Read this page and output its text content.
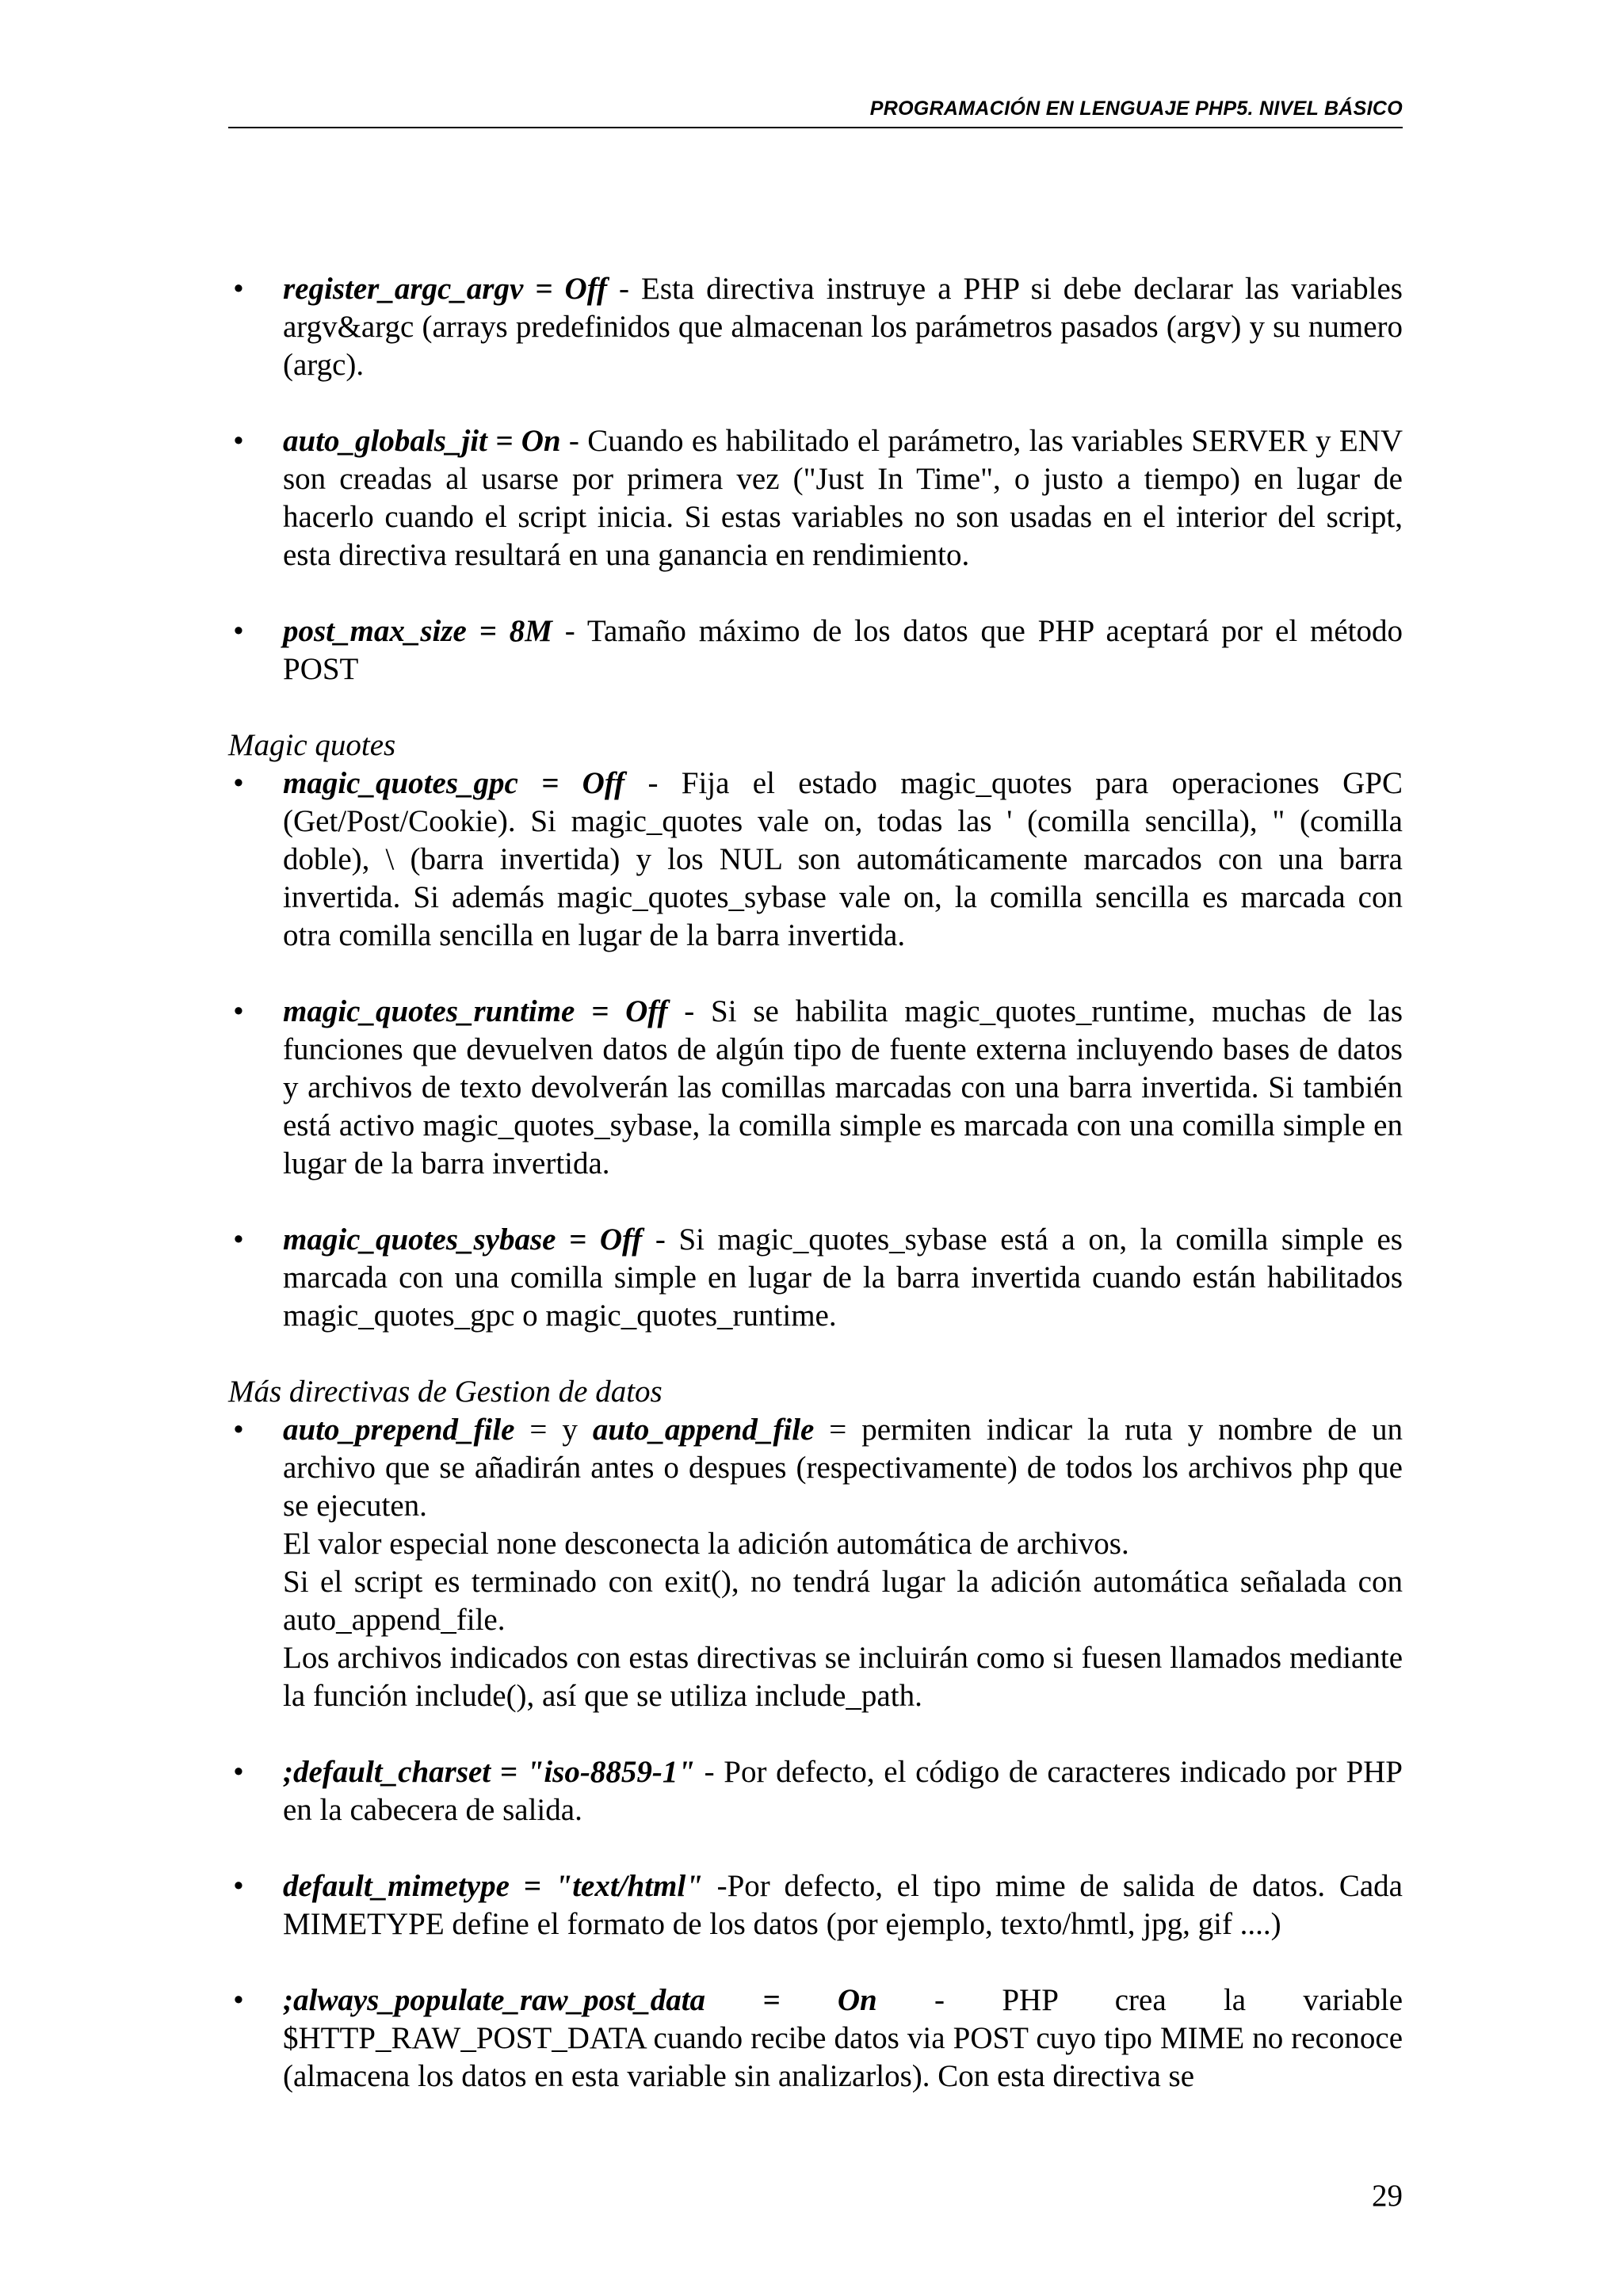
PROGRAMACIÓN EN LENGUAJE PHP5. NIVEL BÁSICO
• register_argc_argv = Off - Esta directiva instruye a PHP si debe declarar las variables argv&argc (arrays predefinidos que almacenan los parámetros pasados (argv) y su numero (argc).
• auto_globals_jit = On - Cuando es habilitado el parámetro, las variables SERVER y ENV son creadas al usarse por primera vez ("Just In Time", o justo a tiempo) en lugar de hacerlo cuando el script inicia. Si estas variables no son usadas en el interior del script, esta directiva resultará en una ganancia en rendimiento.
• post_max_size = 8M - Tamaño máximo de los datos que PHP aceptará por el método POST
Magic quotes
• magic_quotes_gpc = Off - Fija el estado magic_quotes para operaciones GPC (Get/Post/Cookie). Si magic_quotes vale on, todas las ' (comilla sencilla), " (comilla doble), \ (barra invertida) y los NUL son automáticamente marcados con una barra invertida. Si además magic_quotes_sybase vale on, la comilla sencilla es marcada con otra comilla sencilla en lugar de la barra invertida.
• magic_quotes_runtime = Off - Si se habilita magic_quotes_runtime, muchas de las funciones que devuelven datos de algún tipo de fuente externa incluyendo bases de datos y archivos de texto devolverán las comillas marcadas con una barra invertida. Si también está activo magic_quotes_sybase, la comilla simple es marcada con una comilla simple en lugar de la barra invertida.
• magic_quotes_sybase = Off - Si magic_quotes_sybase está a on, la comilla simple es marcada con una comilla simple en lugar de la barra invertida cuando están habilitados magic_quotes_gpc o magic_quotes_runtime.
Más directivas de Gestion de datos
• auto_prepend_file = y auto_append_file = permiten indicar la ruta y nombre de un archivo que se añadirán antes o despues (respectivamente) de todos los archivos php que se ejecuten.
El valor especial none desconecta la adición automática de archivos.
Si el script es terminado con exit(), no tendrá lugar la adición automática señalada con auto_append_file.
Los archivos indicados con estas directivas se incluirán como si fuesen llamados mediante la función include(), así que se utiliza include_path.
• ;default_charset = "iso-8859-1" - Por defecto, el código de caracteres indicado por PHP en la cabecera de salida.
• default_mimetype = "text/html" -Por defecto, el tipo mime de salida de datos. Cada MIMETYPE define el formato de los datos (por ejemplo, texto/hmtl, jpg, gif ....)
• ;always_populate_raw_post_data = On - PHP crea la variable $HTTP_RAW_POST_DATA cuando recibe datos via POST cuyo tipo MIME no reconoce (almacena los datos en esta variable sin analizarlos). Con esta directiva se
29
